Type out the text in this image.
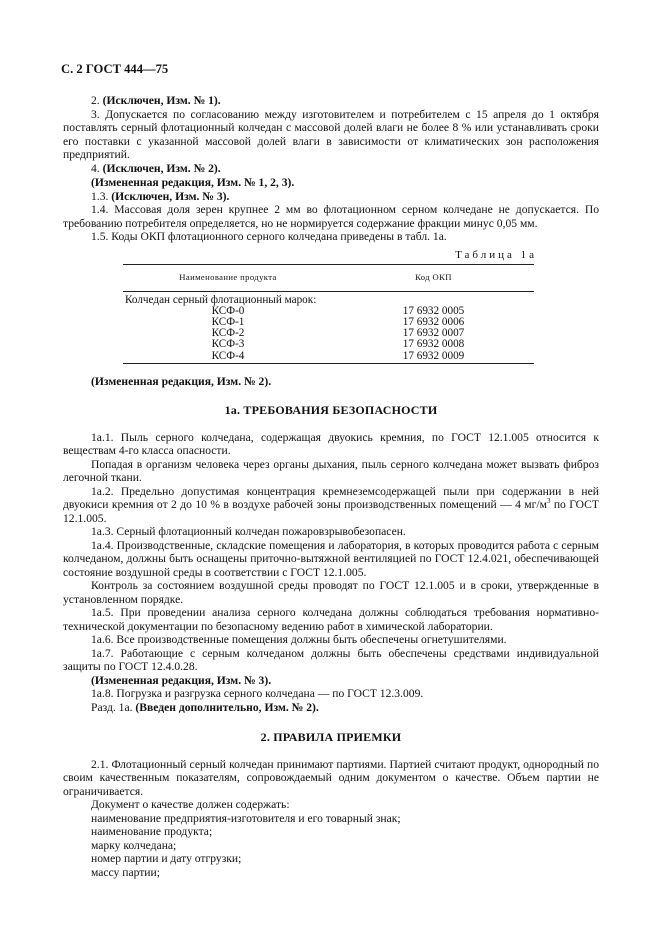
С. 2 ГОСТ 444—75

2. (Исключен, Изм. № 1).

3. Допускается по согласованию между изготовителем и потребителем с 15 апреля до 1 октября поставлять серный флотационный колчедан с массовой долей влаги не более 8 % или устанавливать сроки его поставки с указанной массовой долей влаги в зависимости от климатических зон расположения предприятий.

4. (Исключен, Изм. № 2).

(Измененная редакция, Изм. № 1, 2, 3).

1.3. (Исключен, Изм. № 3).

1.4. Массовая доля зерен крупнее 2 мм во флотационном серном колчедане не допускается. По требованию потребителя определяется, но не нормируется содержание фракции минус 0,05 мм.

1.5. Коды ОКП флотационного серного колчедана приведены в табл. 1а.

Таблица 1а
Наименование продукта	Код ОКП
Колчедан серный флотационный марок:	
КСФ-0	17 6932 0005
КСФ-1	17 6932 0006
КСФ-2	17 6932 0007
КСФ-3	17 6932 0008
КСФ-4	17 6932 0009

(Измененная редакция, Изм. № 2).

1а. ТРЕБОВАНИЯ БЕЗОПАСНОСТИ

1а.1. Пыль серного колчедана, содержащая двуокись кремния, по ГОСТ 12.1.005 относится к веществам 4-го класса опасности.

Попадая в организм человека через органы дыхания, пыль серного колчедана может вызвать фиброз легочной ткани.

1а.2. Предельно допустимая концентрация кремнеземсодержащей пыли при содержании в ней двуокиси кремния от 2 до 10 % в воздухе рабочей зоны производственных помещений — 4 $мг/м^3$ по ГОСТ 12.1.005.

1а.3. Серный флотационный колчедан пожаровзрывобезопасен.

1а.4. Производственные, складские помещения и лаборатория, в которых проводится работа с серным колчеданом, должны быть оснащены приточно-вытяжной вентиляцией по ГОСТ 12.4.021, обеспечивающей состояние воздушной среды в соответствии с ГОСТ 12.1.005.

Контроль за состоянием воздушной среды проводят по ГОСТ 12.1.005 и в сроки, утвержденные в установленном порядке.

1а.5. При проведении анализа серного колчедана должны соблюдаться требования нормативно-технической документации по безопасному ведению работ в химической лаборатории.

1а.6. Все производственные помещения должны быть обеспечены огнетушителями.

1а.7. Работающие с серным колчеданом должны быть обеспечены средствами индивидуальной защиты по ГОСТ 12.4.0.28.

(Измененная редакция, Изм. № 3).

1а.8. Погрузка и разгрузка серного колчедана — по ГОСТ 12.3.009.

Разд. 1а. (Введен дополнительно, Изм. № 2).

2. ПРАВИЛА ПРИЕМКИ

2.1. Флотационный серный колчедан принимают партиями. Партией считают продукт, однородный по своим качественным показателям, сопровождаемый одним документом о качестве. Объем партии не ограничивается.

Документ о качестве должен содержать:

наименование предприятия-изготовителя и его товарный знак;

наименование продукта;

марку колчедана;

номер партии и дату отгрузки;

массу партии;
